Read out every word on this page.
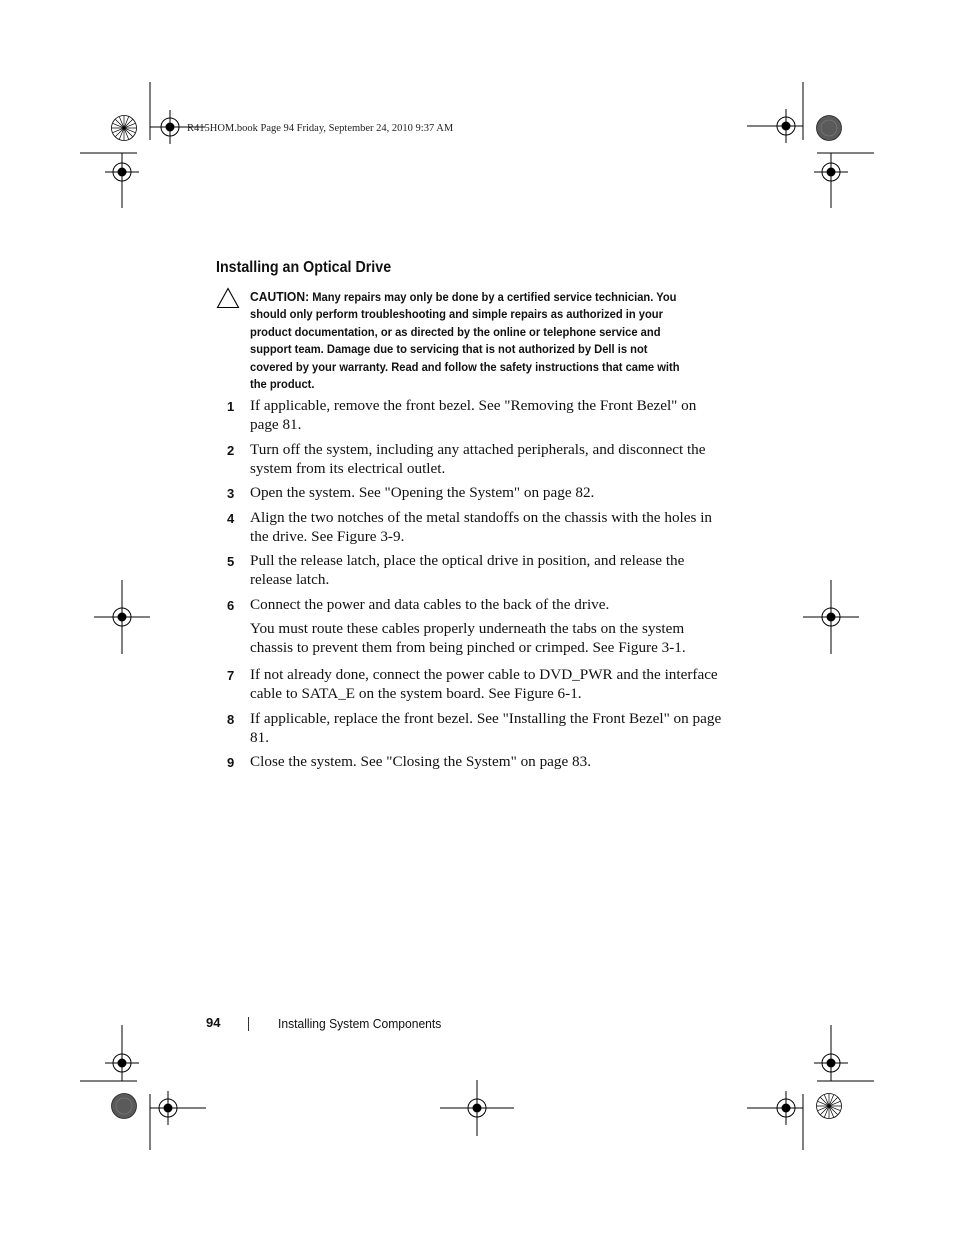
R415HOM.book Page 94 Friday, September 24, 2010 9:37 AM
Installing an Optical Drive
CAUTION: Many repairs may only be done by a certified service technician. You should only perform troubleshooting and simple repairs as authorized in your product documentation, or as directed by the online or telephone service and support team. Damage due to servicing that is not authorized by Dell is not covered by your warranty. Read and follow the safety instructions that came with the product.
1 If applicable, remove the front bezel. See "Removing the Front Bezel" on page 81.
2 Turn off the system, including any attached peripherals, and disconnect the system from its electrical outlet.
3 Open the system. See "Opening the System" on page 82.
4 Align the two notches of the metal standoffs on the chassis with the holes in the drive. See Figure 3-9.
5 Pull the release latch, place the optical drive in position, and release the release latch.
6 Connect the power and data cables to the back of the drive.
You must route these cables properly underneath the tabs on the system chassis to prevent them from being pinched or crimped. See Figure 3-1.
7 If not already done, connect the power cable to DVD_PWR and the interface cable to SATA_E on the system board. See Figure 6-1.
8 If applicable, replace the front bezel. See "Installing the Front Bezel" on page 81.
9 Close the system. See "Closing the System" on page 83.
94	Installing System Components
